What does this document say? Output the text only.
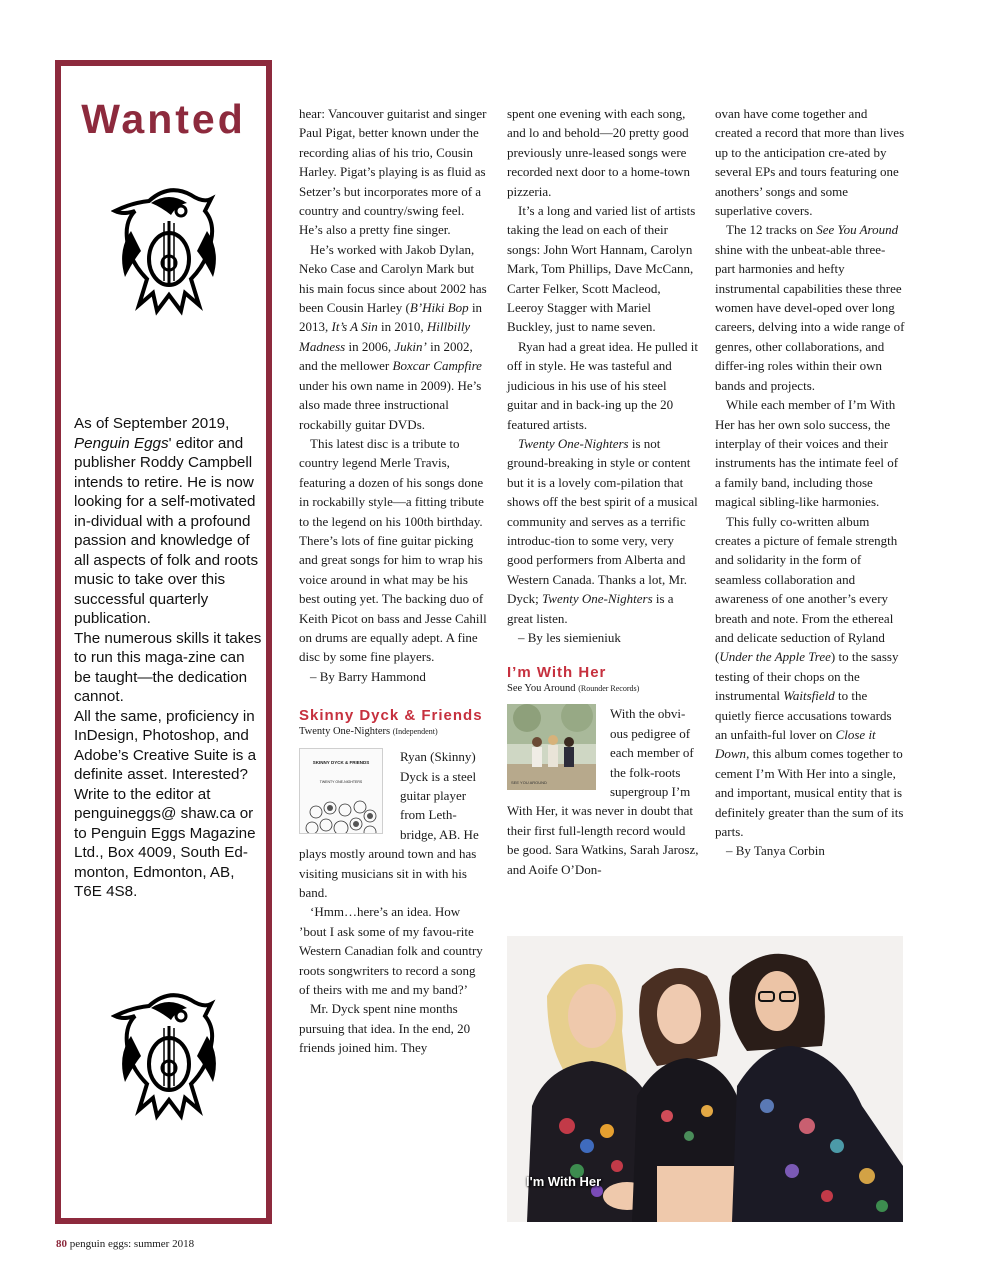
Wanted

As of September 2019, Penguin Eggs' editor and publisher Roddy Campbell intends to retire. He is now looking for a self-motivated in-dividual with a profound passion and knowledge of all aspects of folk and roots music to take over this successful quarterly publication.

The numerous skills it takes to run this maga-zine can be taught—the dedication cannot.

All the same, proficiency in InDesign, Photoshop, and Adobe’s Creative Suite is a definite asset. Interested? Write to the editor at penguineggs@ shaw.ca or to Penguin Eggs Magazine Ltd., Box 4009, South Ed-monton, Edmonton, AB, T6E 4S8.

hear: Vancouver guitarist and singer Paul Pigat, better known under the recording alias of his trio, Cousin Harley. Pigat’s playing is as fluid as Setzer’s but incorporates more of a country and country/swing feel. He’s also a pretty fine singer.

He’s worked with Jakob Dylan, Neko Case and Carolyn Mark but his main focus since about 2002 has been Cousin Harley (B’Hiki Bop in 2013, It’s A Sin in 2010, Hillbilly Madness in 2006, Jukin’ in 2002, and the mellower Boxcar Campfire under his own name in 2009). He’s also made three instructional rockabilly guitar DVDs.

This latest disc is a tribute to country legend Merle Travis, featuring a dozen of his songs done in rockabilly style—a fitting tribute to the legend on his 100th birthday. There’s lots of fine guitar picking and great songs for him to wrap his voice around in what may be his best outing yet. The backing duo of Keith Picot on bass and Jesse Cahill on drums are equally adept. A fine disc by some fine players.

– By Barry Hammond

Skinny Dyck & Friends
Twenty One-Nighters (Independent)
SKINNY DYCK & FRIENDS
TWENTY ONE-NIGHTERS
Ryan (Skinny)
Dyck is a steel
guitar player
from Leth-
bridge, AB. He

plays mostly around town and has visiting musicians sit in with his band.

‘Hmm…here’s an idea. How ’bout I ask some of my favou-rite Western Canadian folk and country roots songwriters to record a song of theirs with me and my band?’

Mr. Dyck spent nine months pursuing that idea. In the end, 20 friends joined him. They

spent one evening with each song, and lo and behold—20 pretty good previously unre-leased songs were recorded next door to a home-town pizzeria.

It’s a long and varied list of artists taking the lead on each of their songs: John Wort Hannam, Carolyn Mark, Tom Phillips, Dave McCann, Carter Felker, Scott Macleod, Leeroy Stagger with Mariel Buckley, just to name seven.

Ryan had a great idea. He pulled it off in style. He was tasteful and judicious in his use of his steel guitar and in back-ing up the 20 featured artists.

Twenty One-Nighters is not ground-breaking in style or content but it is a lovely com-pilation that shows off the best spirit of a musical community and serves as a terrific introduc-tion to some very, very good performers from Alberta and Western Canada. Thanks a lot, Mr. Dyck; Twenty One-Nighters is a great listen.

– By les siemieniuk

I’m With Her
See You Around (Rounder Records)
SEE YOU AROUND
With the obvi-
ous pedigree of
each member of
the folk-roots
supergroup I’m

With Her, it was never in doubt that their first full-length record would be good. Sara Watkins, Sarah Jarosz, and Aoife O’Don-

ovan have come together and created a record that more than lives up to the anticipation cre-ated by several EPs and tours featuring one anothers’ songs and some superlative covers.

The 12 tracks on See You Around shine with the unbeat-able three-part harmonies and hefty instrumental capabilities these three women have devel-oped over long careers, delving into a wide range of genres, other collaborations, and differ-ing roles within their own bands and projects.

While each member of I’m With Her has her own solo success, the interplay of their voices and their instruments has the intimate feel of a family band, including those magical sibling-like harmonies.

This fully co-written album creates a picture of female strength and solidarity in the form of seamless collaboration and awareness of one another’s every breath and note. From the ethereal and delicate seduction of Ryland (Under the Apple Tree) to the sassy testing of their chops on the instrumental Waitsfield to the quietly fierce accusations towards an unfaith-ful lover on Close it Down, this album comes together to cement I’m With Her into a single, and important, musical entity that is definitely greater than the sum of its parts.

– By Tanya Corbin

I'm With Her
80 penguin eggs: summer 2018
